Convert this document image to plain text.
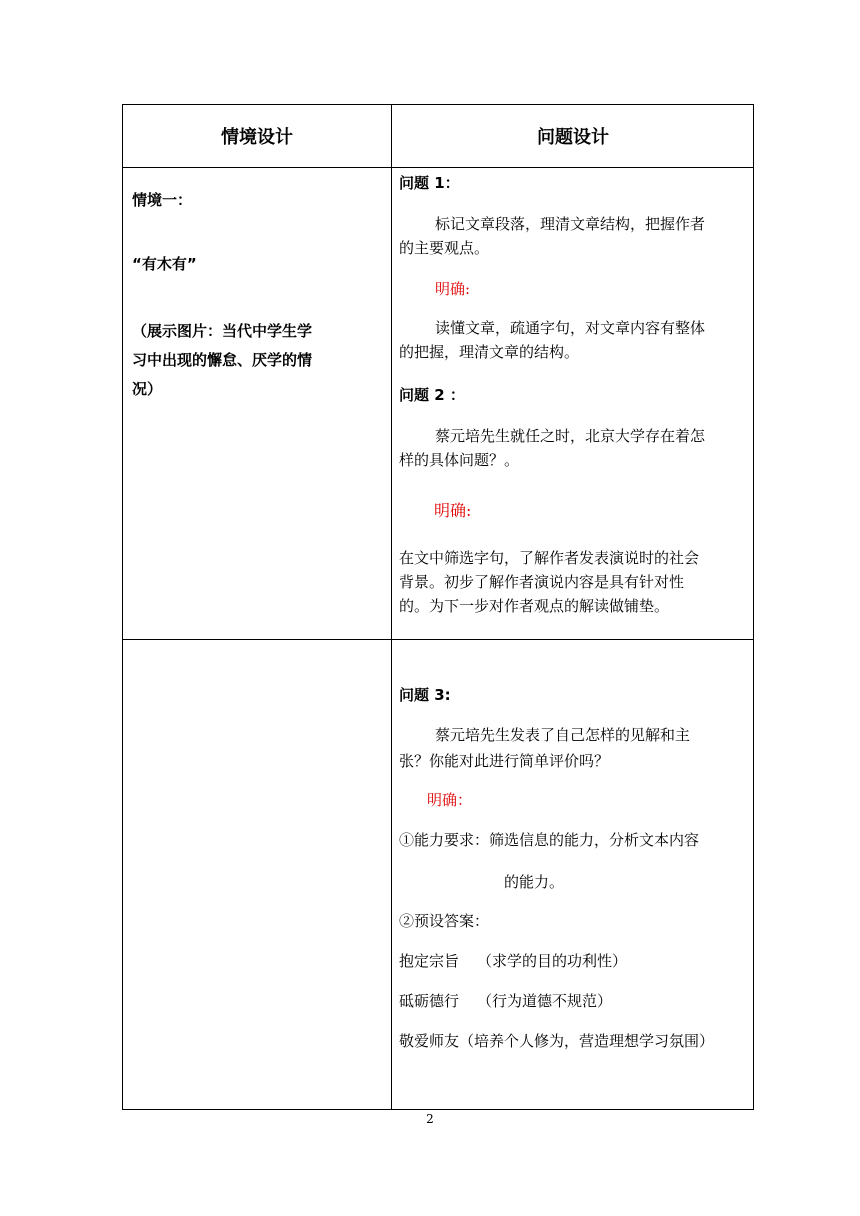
情境设计	问题设计
情境一：
“有木有”
（展示图片：当代中学生学
习中出现的懈怠、厌学的情
况）
问题 1：
标记文章段落，理清文章结构，把握作者
的主要观点。
明确:
读懂文章，疏通字句，对文章内容有整体
的把握，理清文章的结构。
问题 2 ：
蔡元培先生就任之时，北京大学存在着怎
样的具体问题？。
明确:
在文中筛选字句，了解作者发表演说时的社会
背景。初步了解作者演说内容是具有针对性
的。为下一步对作者观点的解读做铺垫。
问题 3:
蔡元培先生发表了自己怎样的见解和主
张？你能对此进行简单评价吗？
明确：
①能力要求：筛选信息的能力，分析文本内容
的能力。
②预设答案：
抱定宗旨 （求学的目的功利性）
砥砺德行 （行为道德不规范）
敬爱师友（培养个人修为，营造理想学习氛围）
2
